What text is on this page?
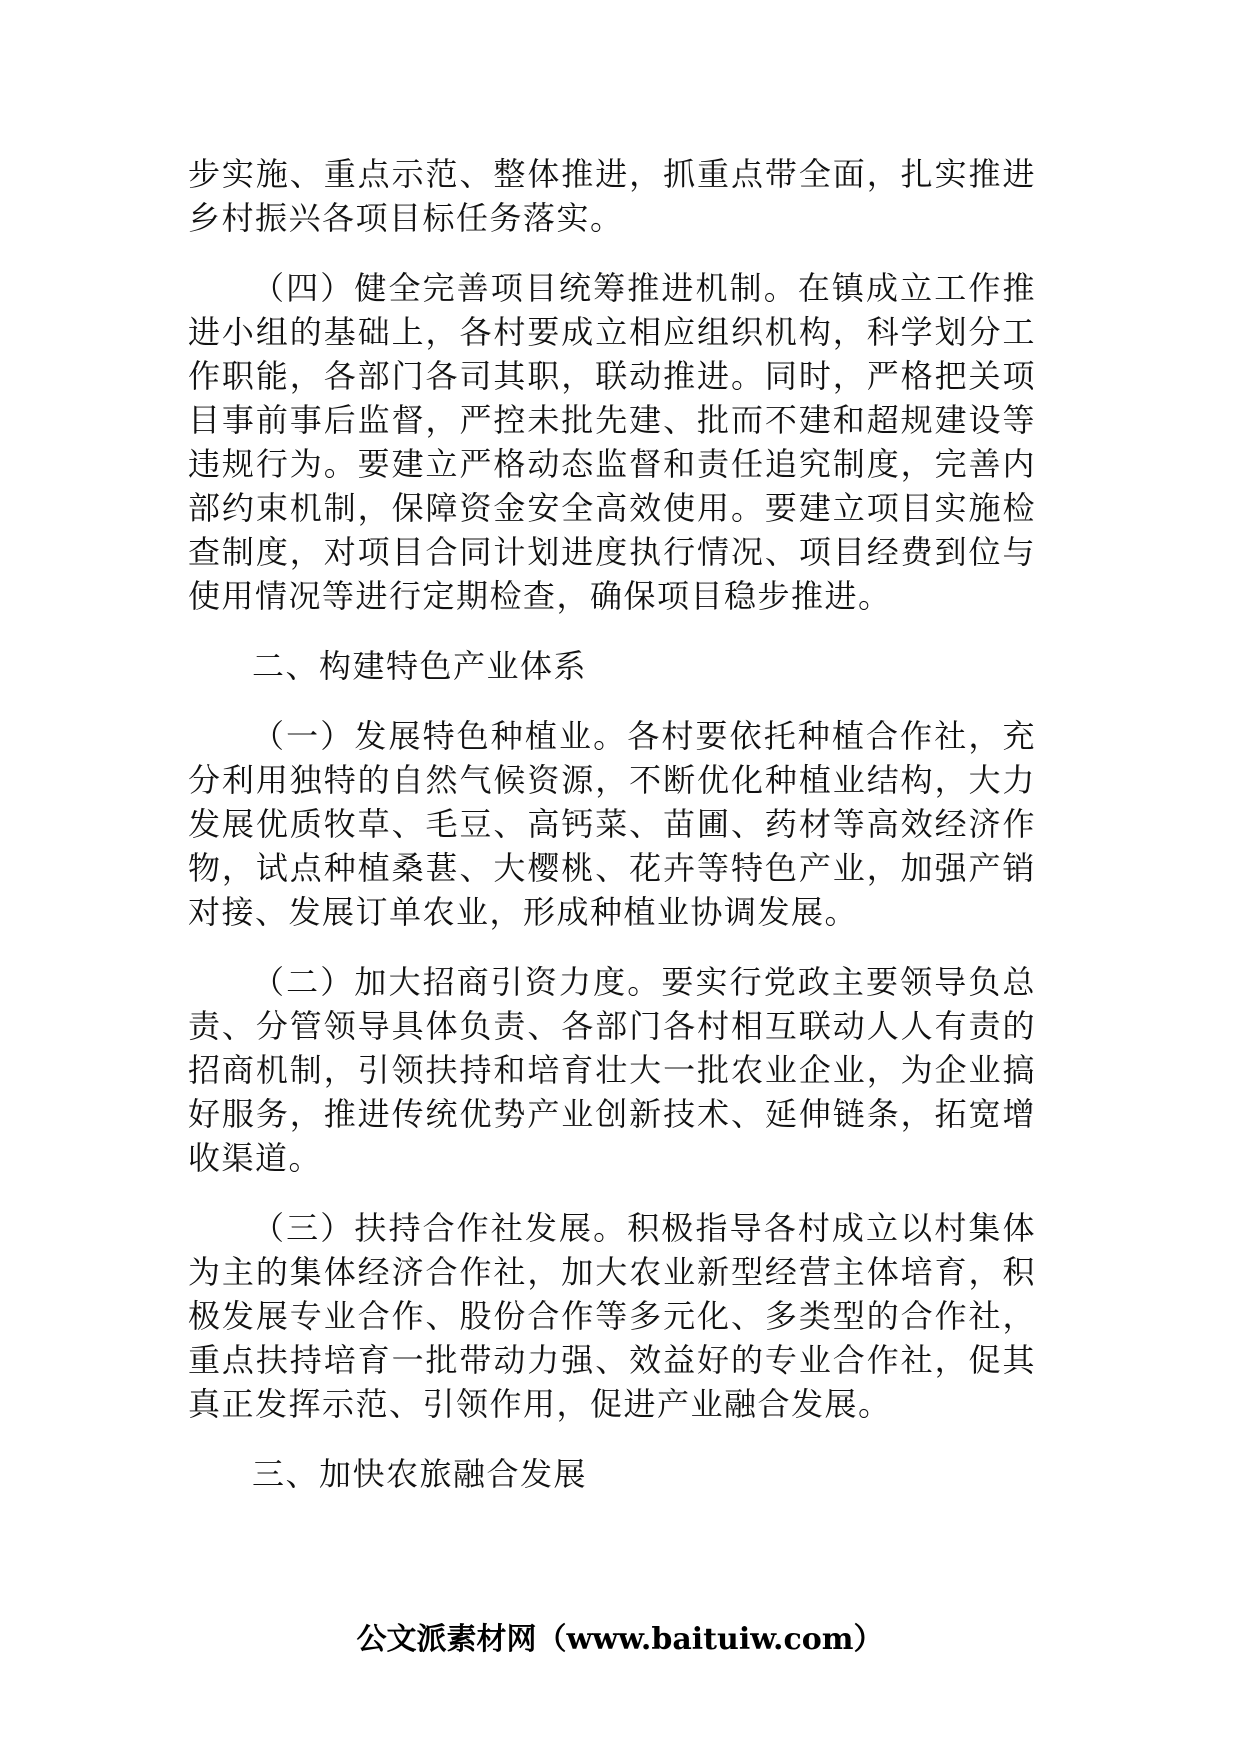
步实施、重点示范、整体推进，抓重点带全面，扎实推进乡村振兴各项目标任务落实。

（四）健全完善项目统筹推进机制。在镇成立工作推进小组的基础上，各村要成立相应组织机构，科学划分工作职能，各部门各司其职，联动推进。同时，严格把关项目事前事后监督，严控未批先建、批而不建和超规建设等违规行为。要建立严格动态监督和责任追究制度，完善内部约束机制，保障资金安全高效使用。要建立项目实施检查制度，对项目合同计划进度执行情况、项目经费到位与使用情况等进行定期检查，确保项目稳步推进。

二、构建特色产业体系

（一）发展特色种植业。各村要依托种植合作社，充分利用独特的自然气候资源，不断优化种植业结构，大力发展优质牧草、毛豆、高钙菜、苗圃、药材等高效经济作物，试点种植桑葚、大樱桃、花卉等特色产业，加强产销对接、发展订单农业，形成种植业协调发展。

（二）加大招商引资力度。要实行党政主要领导负总责、分管领导具体负责、各部门各村相互联动人人有责的招商机制，引领扶持和培育壮大一批农业企业，为企业搞好服务，推进传统优势产业创新技术、延伸链条，拓宽增收渠道。

（三）扶持合作社发展。积极指导各村成立以村集体为主的集体经济合作社，加大农业新型经营主体培育，积极发展专业合作、股份合作等多元化、多类型的合作社，重点扶持培育一批带动力强、效益好的专业合作社，促其真正发挥示范、引领作用，促进产业融合发展。

三、加快农旅融合发展

公文派素材网（www.baituiw.com）
